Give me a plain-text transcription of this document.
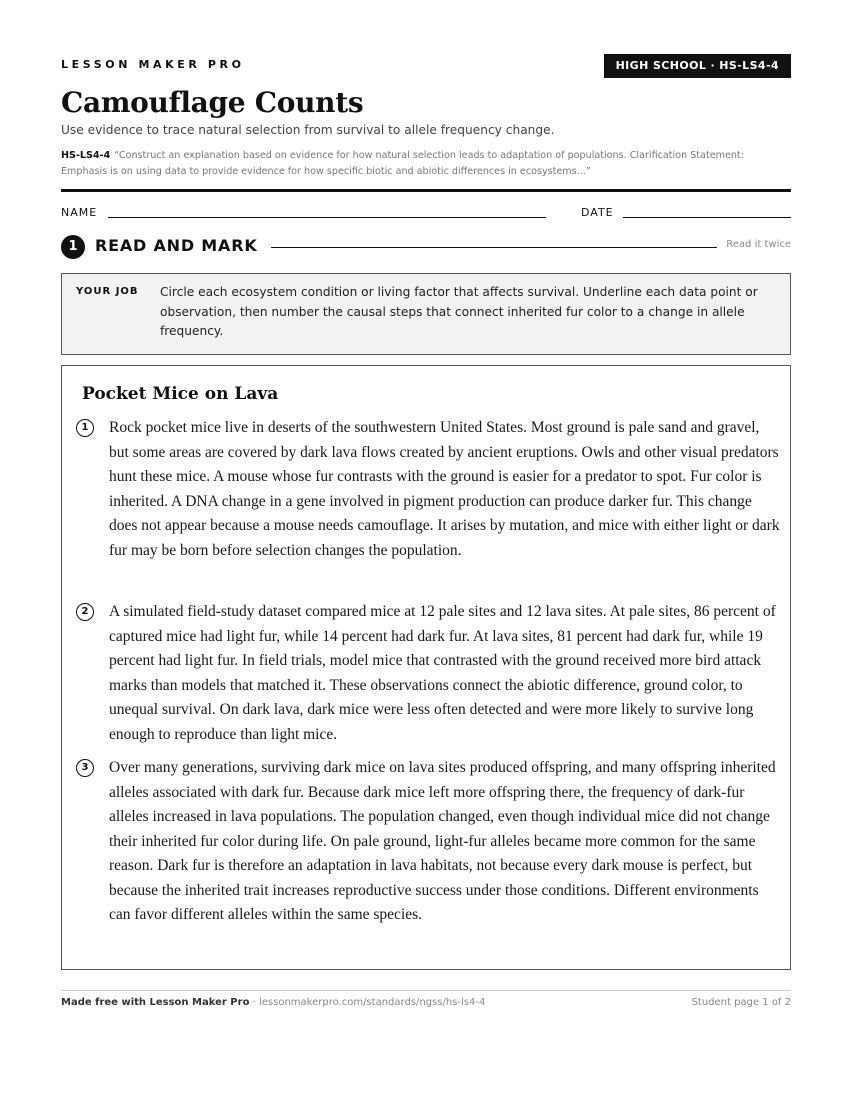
LESSON MAKER PRO	HIGH SCHOOL · HS-LS4-4
Camouflage Counts
Use evidence to trace natural selection from survival to allele frequency change.
HS-LS4-4 “Construct an explanation based on evidence for how natural selection leads to adaptation of populations. Clarification Statement: Emphasis is on using data to provide evidence for how specific biotic and abiotic differences in ecosystems...”
NAME	DATE
1	READ AND MARK	Read it twice
YOUR JOB Circle each ecosystem condition or living factor that affects survival. Underline each data point or observation, then number the causal steps that connect inherited fur color to a change in allele frequency.
Pocket Mice on Lava
1	Rock pocket mice live in deserts of the southwestern United States. Most ground is pale sand and gravel, but some areas are covered by dark lava flows created by ancient eruptions. Owls and other visual predators hunt these mice. A mouse whose fur contrasts with the ground is easier for a predator to spot. Fur color is inherited. A DNA change in a gene involved in pigment production can produce darker fur. This change does not appear because a mouse needs camouflage. It arises by mutation, and mice with either light or dark fur may be born before selection changes the population.

2	A simulated field-study dataset compared mice at 12 pale sites and 12 lava sites. At pale sites, 86 percent of captured mice had light fur, while 14 percent had dark fur. At lava sites, 81 percent had dark fur, while 19 percent had light fur. In field trials, model mice that contrasted with the ground received more bird attack marks than models that matched it. These observations connect the abiotic difference, ground color, to unequal survival. On dark lava, dark mice were less often detected and were more likely to survive long enough to reproduce than light mice.

3	Over many generations, surviving dark mice on lava sites produced offspring, and many offspring inherited alleles associated with dark fur. Because dark mice left more offspring there, the frequency of dark-fur alleles increased in lava populations. The population changed, even though individual mice did not change their inherited fur color during life. On pale ground, light-fur alleles became more common for the same reason. Dark fur is therefore an adaptation in lava habitats, not because every dark mouse is perfect, but because the inherited trait increases reproductive success under those conditions. Different environments can favor different alleles within the same species.

Made free with Lesson Maker Pro · lessonmakerpro.com/standards/ngss/hs-ls4-4	Student page 1 of 2
